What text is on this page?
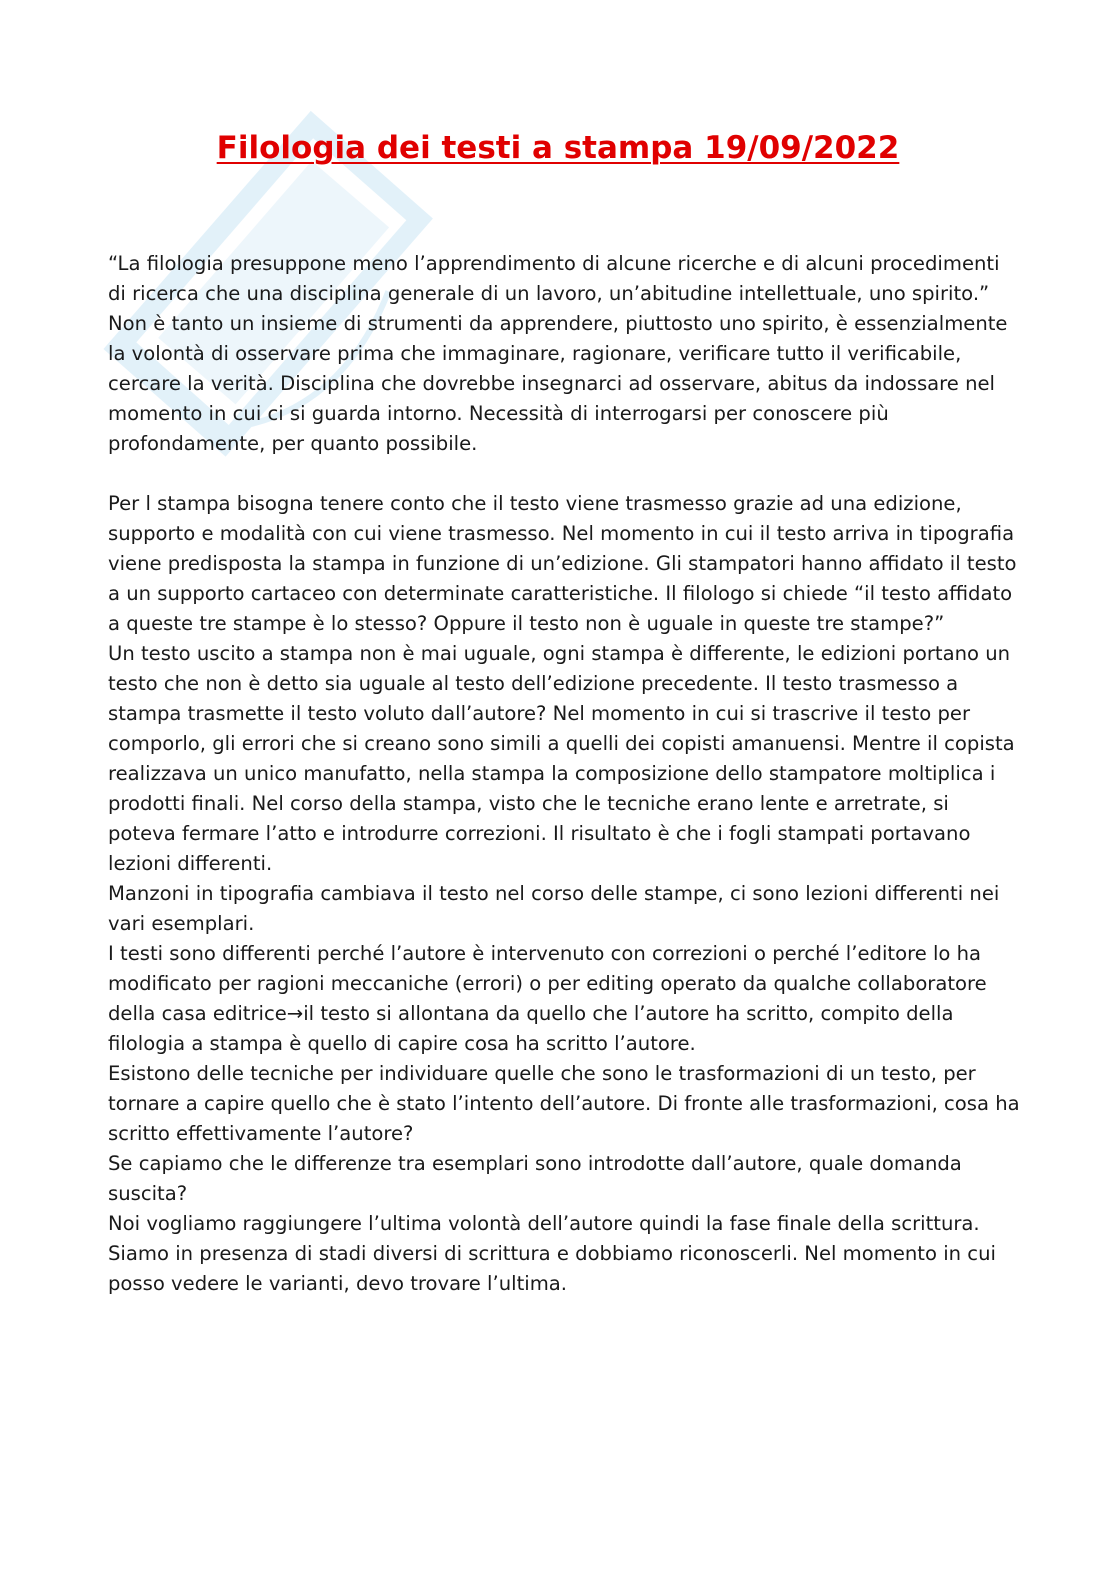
Filologia dei testi a stampa 19/09/2022

“La filologia presuppone meno l’apprendimento di alcune ricerche e di alcuni procedimenti di ricerca che una disciplina generale di un lavoro, un’abitudine intellettuale, uno spirito.” Non è tanto un insieme di strumenti da apprendere, piuttosto uno spirito, è essenzialmente la volontà di osservare prima che immaginare, ragionare, verificare tutto il verificabile, cercare la verità. Disciplina che dovrebbe insegnarci ad osservare, abitus da indossare nel momento in cui ci si guarda intorno. Necessità di interrogarsi per conoscere più profondamente, per quanto possibile.

Per l stampa bisogna tenere conto che il testo viene trasmesso grazie ad una edizione, supporto e modalità con cui viene trasmesso. Nel momento in cui il testo arriva in tipografia viene predisposta la stampa in funzione di un’edizione. Gli stampatori hanno affidato il testo a un supporto cartaceo con determinate caratteristiche. Il filologo si chiede “il testo affidato a queste tre stampe è lo stesso? Oppure il testo non è uguale in queste tre stampe?”

Un testo uscito a stampa non è mai uguale, ogni stampa è differente, le edizioni portano un testo che non è detto sia uguale al testo dell’edizione precedente. Il testo trasmesso a stampa trasmette il testo voluto dall’autore? Nel momento in cui si trascrive il testo per comporlo, gli errori che si creano sono simili a quelli dei copisti amanuensi. Mentre il copista realizzava un unico manufatto, nella stampa la composizione dello stampatore moltiplica i prodotti finali. Nel corso della stampa, visto che le tecniche erano lente e arretrate, si poteva fermare l’atto e introdurre correzioni. Il risultato è che i fogli stampati portavano lezioni differenti.

Manzoni in tipografia cambiava il testo nel corso delle stampe, ci sono lezioni differenti nei vari esemplari.

I testi sono differenti perché l’autore è intervenuto con correzioni o perché l’editore lo ha modificato per ragioni meccaniche (errori) o per editing operato da qualche collaboratore della casa editrice→il testo si allontana da quello che l’autore ha scritto, compito della filologia a stampa è quello di capire cosa ha scritto l’autore.

Esistono delle tecniche per individuare quelle che sono le trasformazioni di un testo, per tornare a capire quello che è stato l’intento dell’autore. Di fronte alle trasformazioni, cosa ha scritto effettivamente l’autore?

Se capiamo che le differenze tra esemplari sono introdotte dall’autore, quale domanda suscita?

Noi vogliamo raggiungere l’ultima volontà dell’autore quindi la fase finale della scrittura. Siamo in presenza di stadi diversi di scrittura e dobbiamo riconoscerli. Nel momento in cui posso vedere le varianti, devo trovare l’ultima.
